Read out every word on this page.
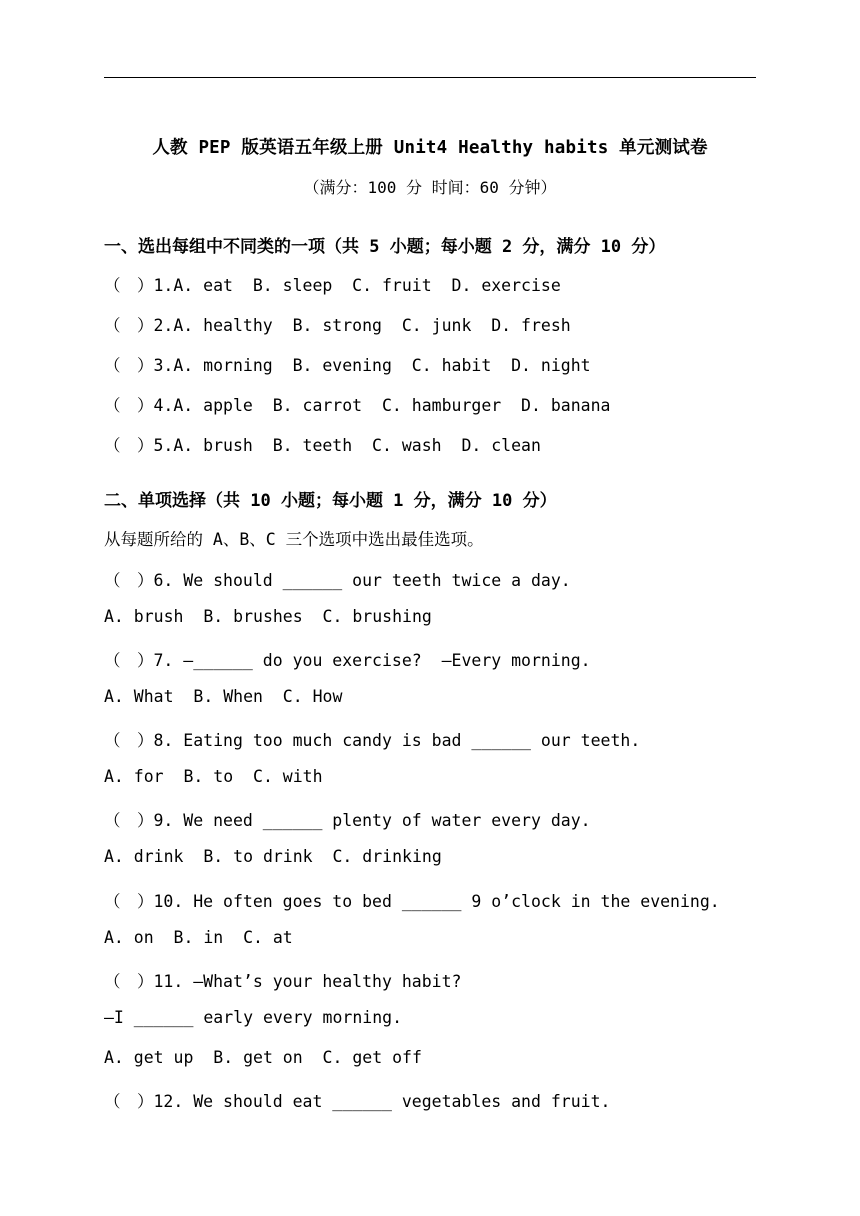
人教 PEP 版英语五年级上册 Unit4 Healthy habits 单元测试卷
（满分：100 分 时间：60 分钟）
一、选出每组中不同类的一项（共 5 小题；每小题 2 分，满分 10 分）
（　）1.A. eat  B. sleep  C. fruit  D. exercise
（　）2.A. healthy  B. strong  C. junk  D. fresh
（　）3.A. morning  B. evening  C. habit  D. night
（　）4.A. apple  B. carrot  C. hamburger  D. banana
（　）5.A. brush  B. teeth  C. wash  D. clean
二、单项选择（共 10 小题；每小题 1 分，满分 10 分）
从每题所给的 A、B、C 三个选项中选出最佳选项。
（　）6. We should ______ our teeth twice a day.
A. brush  B. brushes  C. brushing
（　）7. —______ do you exercise?  —Every morning.
A. What  B. When  C. How
（　）8. Eating too much candy is bad ______ our teeth.
A. for  B. to  C. with
（　）9. We need ______ plenty of water every day.
A. drink  B. to drink  C. drinking
（　）10. He often goes to bed ______ 9 o’clock in the evening.
A. on  B. in  C. at
（　）11. —What’s your healthy habit?
—I ______ early every morning.
A. get up  B. get on  C. get off
（　）12. We should eat ______ vegetables and fruit.
